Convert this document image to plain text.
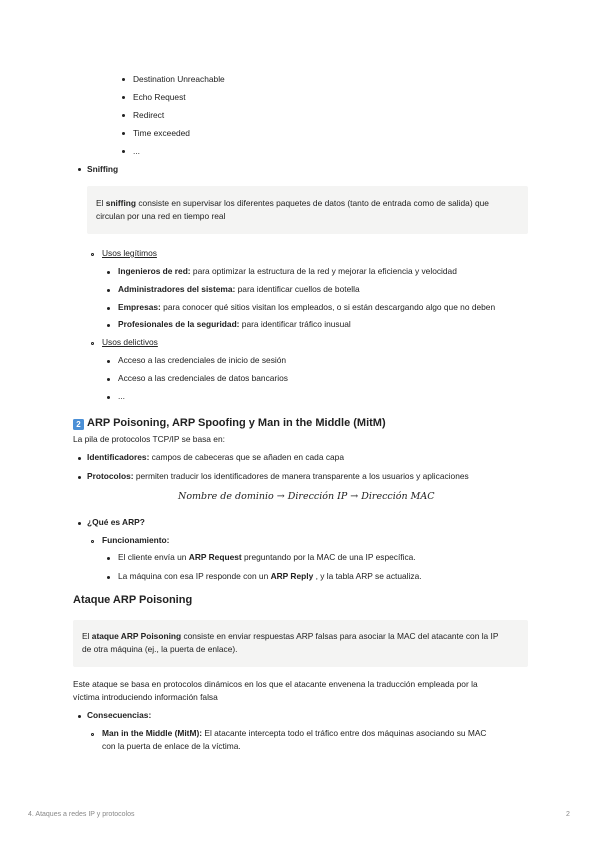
Destination Unreachable
Echo Request
Redirect
Time exceeded
...
Sniffing
El sniffing consiste en supervisar los diferentes paquetes de datos (tanto de entrada como de salida) que
circulan por una red en tiempo real
Usos legítimos
Ingenieros de red: para optimizar la estructura de la red y mejorar la eficiencia y velocidad
Administradores del sistema: para identificar cuellos de botella
Empresas: para conocer qué sitios visitan los empleados, o si están descargando algo que no deben
Profesionales de la seguridad: para identificar tráfico inusual
Usos delictivos
Acceso a las credenciales de inicio de sesión
Acceso a las credenciales de datos bancarios
...
2 ARP Poisoning, ARP Spoofing y Man in the Middle (MitM)
La pila de protocolos TCP/IP se basa en:
Identificadores: campos de cabeceras que se añaden en cada capa
Protocolos: permiten traducir los identificadores de manera transparente a los usuarios y aplicaciones
Nombre de dominio → Dirección IP → Dirección MAC
¿Qué es ARP?
Funcionamiento:
El cliente envía un ARP Request preguntando por la MAC de una IP específica.
La máquina con esa IP responde con un ARP Reply , y la tabla ARP se actualiza.
Ataque ARP Poisoning
El ataque ARP Poisoning consiste en enviar respuestas ARP falsas para asociar la MAC del atacante con la IP
de otra máquina (ej., la puerta de enlace).
Este ataque se basa en protocolos dinámicos en los que el atacante envenena la traducción empleada por la
víctima introduciendo información falsa
Consecuencias:
Man in the Middle (MitM): El atacante intercepta todo el tráfico entre dos máquinas asociando su MAC
con la puerta de enlace de la víctima.
4. Ataques a redes IP y protocolos	2
